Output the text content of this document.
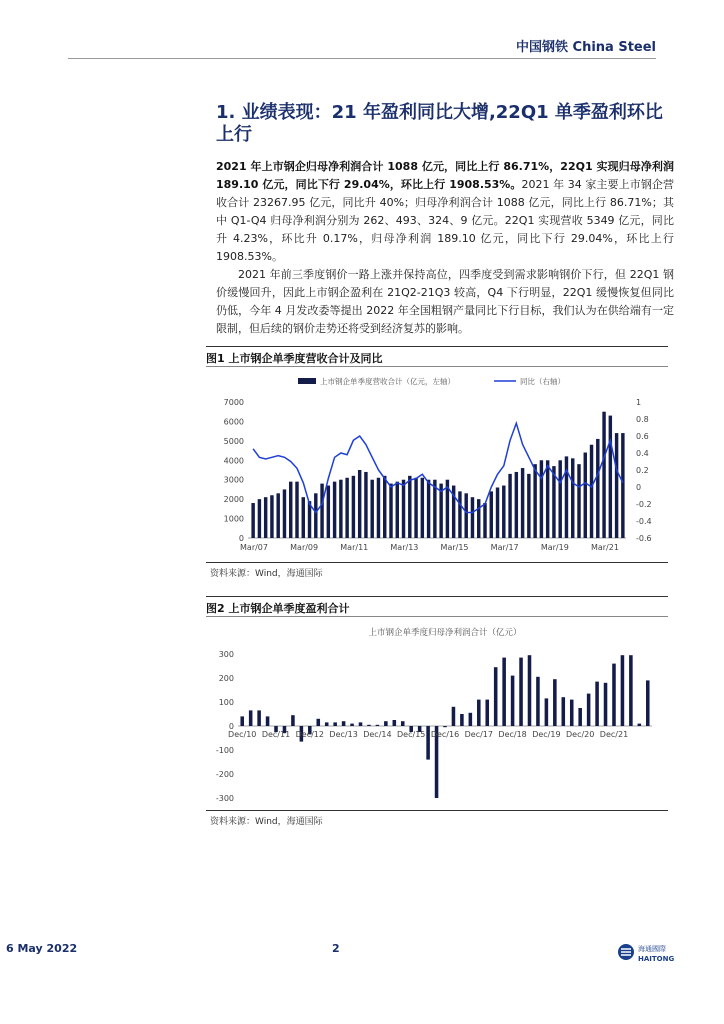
中国钢铁 China Steel
1. 业绩表现：21 年盈利同比大增,22Q1 单季盈利环比上行
2021 年上市钢企归母净利润合计 1088 亿元，同比上行 86.71%，22Q1 实现归母净利润 189.10 亿元，同比下行 29.04%，环比上行 1908.53%。2021 年 34 家主要上市钢企营收合计 23267.95 亿元，同比升 40%；归母净利润合计 1088 亿元，同比上行 86.71%；其中 Q1-Q4 归母净利润分别为 262、493、324、9 亿元。22Q1 实现营收 5349 亿元，同比升 4.23%，环比升 0.17%，归母净利润 189.10 亿元，同比下行 29.04%，环比上行 1908.53%。
2021 年前三季度钢价一路上涨并保持高位，四季度受到需求影响钢价下行，但 22Q1 钢价缓慢回升，因此上市钢企盈利在 21Q2-21Q3 较高，Q4 下行明显，22Q1 缓慢恢复但同比仍低，今年 4 月发改委等提出 2022 年全国粗钢产量同比下行目标，我们认为在供给端有一定限制，但后续的钢价走势还将受到经济复苏的影响。
图1 上市钢企单季度营收合计及同比
上市钢企单季度营收合计（亿元，左轴）	同比（右轴）
0
1000
2000
3000
4000
5000
6000
7000
-0.6
-0.4
-0.2
0
0.2
0.4
0.6
0.8
1
Mar/07	Mar/09	Mar/11	Mar/13	Mar/15	Mar/17	Mar/19	Mar/21
资料来源：Wind，海通国际
图2 上市钢企单季度盈利合计
上市钢企单季度归母净利润合计（亿元）
-300
-200
-100
0
100
200
300
Dec/10 Dec/11 Dec/12 Dec/13 Dec/14 Dec/15 Dec/16 Dec/17 Dec/18 Dec/19 Dec/20 Dec/21
资料来源：Wind，海通国际
6 May 2022	2	海通國際
HAITONG
